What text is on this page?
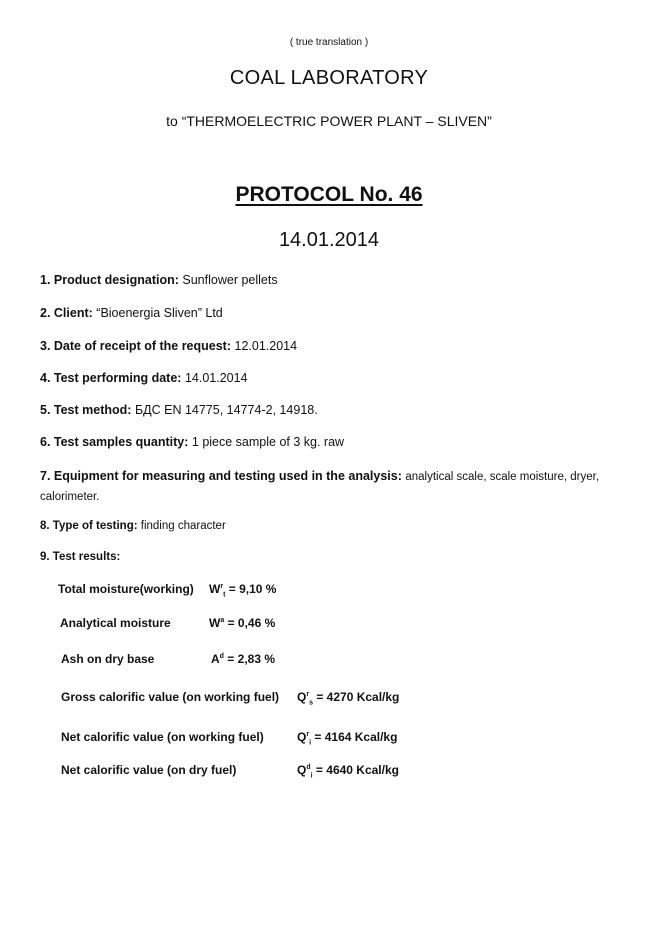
( true translation )
COAL LABORATORY
to “THERMOELECTRIC POWER PLANT – SLIVEN”
PROTOCOL No. 46
14.01.2014
1. Product designation: Sunflower pellets
2. Client: “Bioenergia Sliven” Ltd
3. Date of receipt of the request: 12.01.2014
4. Test performing date: 14.01.2014
5. Test method: БДС EN 14775, 14774-2, 14918.
6. Test samples quantity: 1 piece sample of 3 kg. raw
7. Equipment for measuring and testing used in the analysis: analytical scale, scale moisture, dryer, calorimeter.
8. Type of testing: finding character
9. Test results:
Total moisture(working) $W^r_t = 9,10$ %
Analytical moisture	$W^a = 0,46$ %
Ash on dry base	$A^d = 2,83$ %
Gross calorific value (on working fuel) $Q^r_s = 4270$ Kcal/kg
Net calorific value (on working fuel)	$Q^r_i = 4164$ Kcal/kg
Net calorific value (on dry fuel)	$Q^d_i = 4640$ Kcal/kg
